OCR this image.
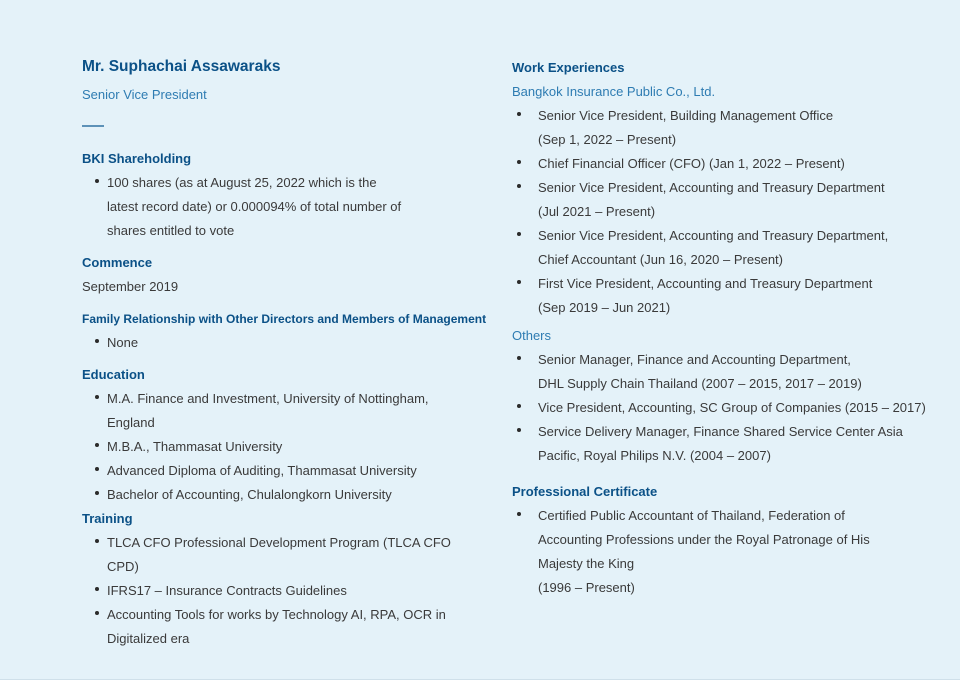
Mr. Suphachai Assawaraks
Senior Vice President
BKI Shareholding
100 shares (as at August 25, 2022 which is the
latest record date) or 0.000094% of total number of
shares entitled to vote
Commence
September 2019
Family Relationship with Other Directors and Members of Management
None
Education
M.A. Finance and Investment, University of Nottingham,
England
M.B.A., Thammasat University
Advanced Diploma of Auditing, Thammasat University
Bachelor of Accounting, Chulalongkorn University
Training
TLCA CFO Professional Development Program (TLCA CFO
CPD)
IFRS17 – Insurance Contracts Guidelines
Accounting Tools for works by Technology AI, RPA, OCR in
Digitalized era
Work Experiences
Bangkok Insurance Public Co., Ltd.
Senior Vice President, Building Management Office
(Sep 1, 2022 – Present)
Chief Financial Officer (CFO) (Jan 1, 2022 – Present)
Senior Vice President, Accounting and Treasury Department
(Jul 2021 – Present)
Senior Vice President, Accounting and Treasury Department,
Chief Accountant (Jun 16, 2020 – Present)
First Vice President, Accounting and Treasury Department
(Sep 2019 – Jun 2021)
Others
Senior Manager, Finance and Accounting Department,
DHL Supply Chain Thailand (2007 – 2015, 2017 – 2019)
Vice President, Accounting, SC Group of Companies (2015 – 2017)
Service Delivery Manager, Finance Shared Service Center Asia
Pacific, Royal Philips N.V. (2004 – 2007)
Professional Certificate
Certified Public Accountant of Thailand, Federation of
Accounting Professions under the Royal Patronage of His
Majesty the King
(1996 – Present)
